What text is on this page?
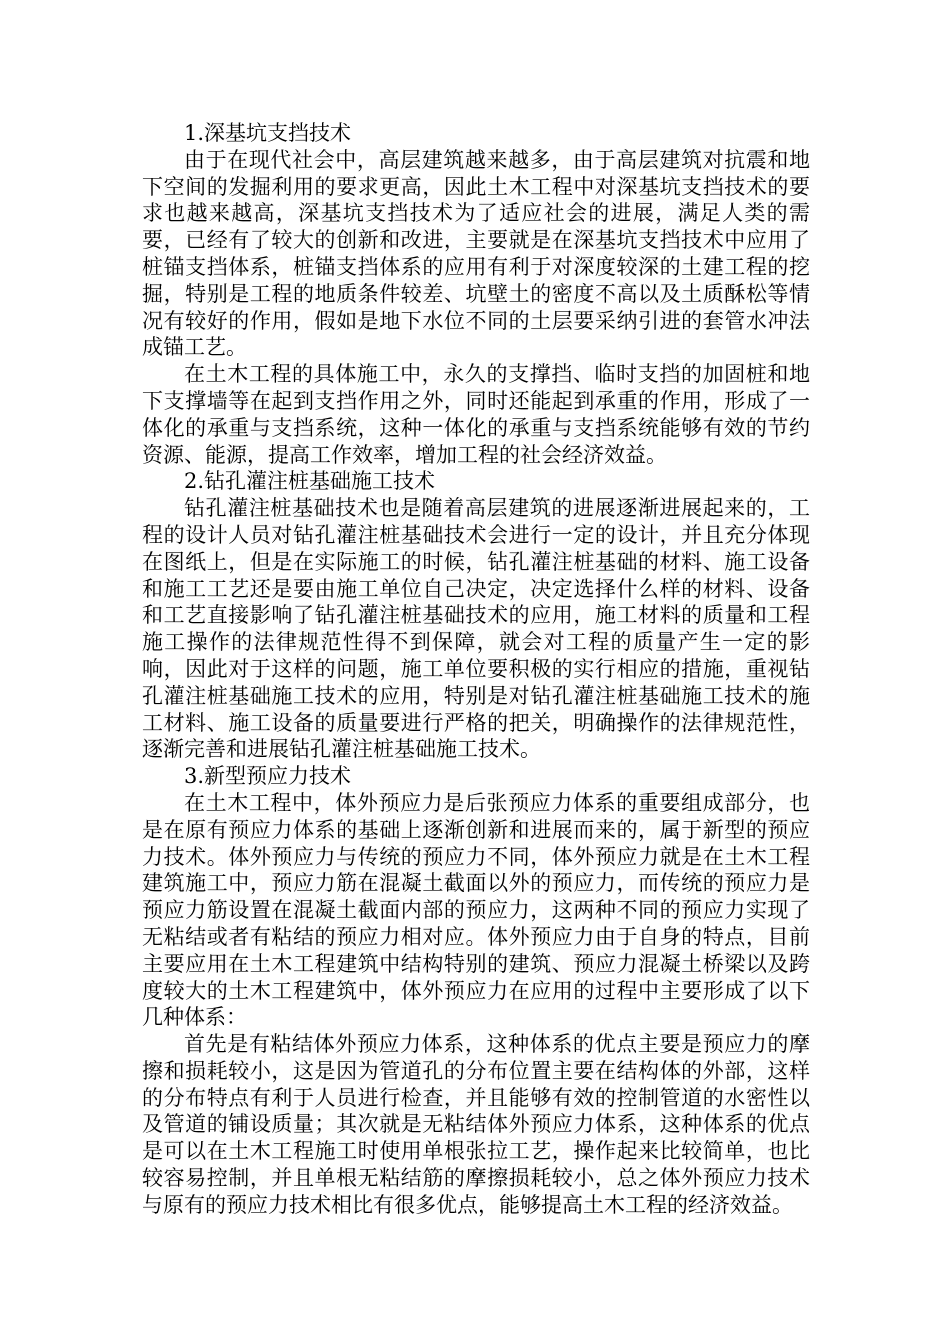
1.深基坑支挡技术

由于在现代社会中，高层建筑越来越多，由于高层建筑对抗震和地下空间的发掘利用的要求更高，因此土木工程中对深基坑支挡技术的要求也越来越高，深基坑支挡技术为了适应社会的进展，满足人类的需要，已经有了较大的创新和改进，主要就是在深基坑支挡技术中应用了桩锚支挡体系，桩锚支挡体系的应用有利于对深度较深的土建工程的挖掘，特别是工程的地质条件较差、坑壁土的密度不高以及土质酥松等情况有较好的作用，假如是地下水位不同的土层要采纳引进的套管水冲法成锚工艺。

在土木工程的具体施工中，永久的支撑挡、临时支挡的加固桩和地下支撑墙等在起到支挡作用之外，同时还能起到承重的作用，形成了一体化的承重与支挡系统，这种一体化的承重与支挡系统能够有效的节约资源、能源，提高工作效率，增加工程的社会经济效益。

2.钻孔灌注桩基础施工技术

钻孔灌注桩基础技术也是随着高层建筑的进展逐渐进展起来的，工程的设计人员对钻孔灌注桩基础技术会进行一定的设计，并且充分体现在图纸上，但是在实际施工的时候，钻孔灌注桩基础的材料、施工设备和施工工艺还是要由施工单位自己决定，决定选择什么样的材料、设备和工艺直接影响了钻孔灌注桩基础技术的应用，施工材料的质量和工程施工操作的法律规范性得不到保障，就会对工程的质量产生一定的影响，因此对于这样的问题，施工单位要积极的实行相应的措施，重视钻孔灌注桩基础施工技术的应用，特别是对钻孔灌注桩基础施工技术的施工材料、施工设备的质量要进行严格的把关，明确操作的法律规范性，逐渐完善和进展钻孔灌注桩基础施工技术。

3.新型预应力技术

在土木工程中，体外预应力是后张预应力体系的重要组成部分，也是在原有预应力体系的基础上逐渐创新和进展而来的，属于新型的预应力技术。体外预应力与传统的预应力不同，体外预应力就是在土木工程建筑施工中，预应力筋在混凝土截面以外的预应力，而传统的预应力是预应力筋设置在混凝土截面内部的预应力，这两种不同的预应力实现了无粘结或者有粘结的预应力相对应。体外预应力由于自身的特点，目前主要应用在土木工程建筑中结构特别的建筑、预应力混凝土桥梁以及跨度较大的土木工程建筑中，体外预应力在应用的过程中主要形成了以下几种体系：

首先是有粘结体外预应力体系，这种体系的优点主要是预应力的摩擦和损耗较小，这是因为管道孔的分布位置主要在结构体的外部，这样的分布特点有利于人员进行检查，并且能够有效的控制管道的水密性以及管道的铺设质量；其次就是无粘结体外预应力体系，这种体系的优点是可以在土木工程施工时使用单根张拉工艺，操作起来比较简单，也比较容易控制，并且单根无粘结筋的摩擦损耗较小，总之体外预应力技术与原有的预应力技术相比有很多优点，能够提高土木工程的经济效益。
